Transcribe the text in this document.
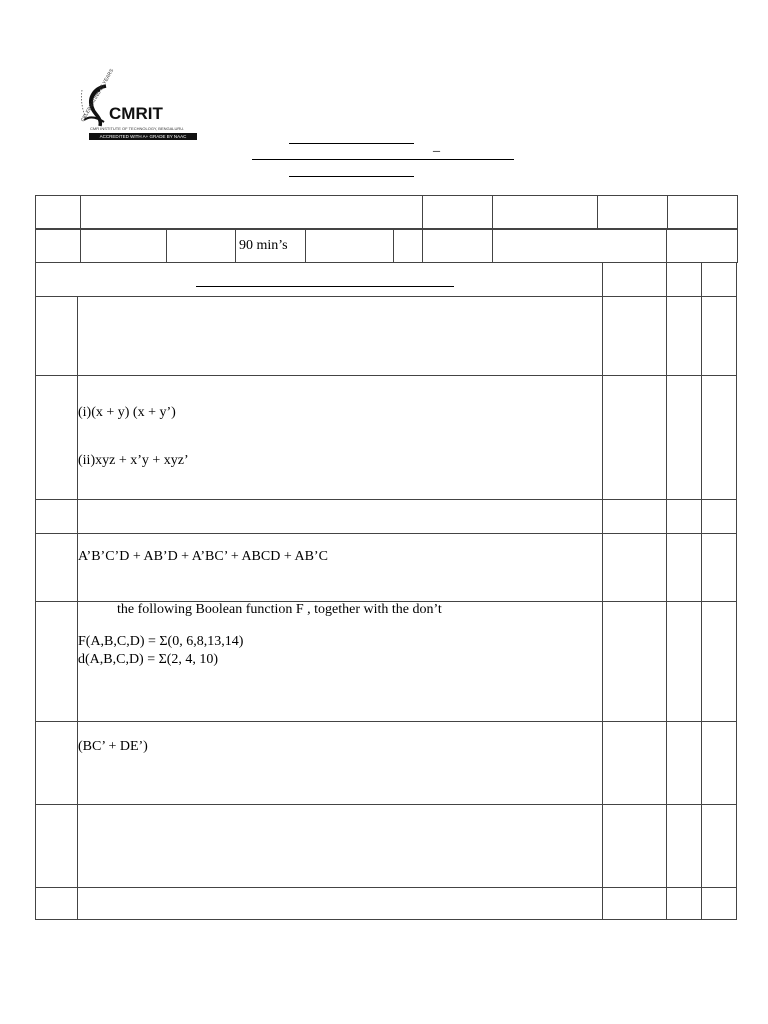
CELEBRATING 25 YEARS
CMRIT
CMR INSTITUTE OF TECHNOLOGY, BENGALURU.
ACCREDITED WITH A+ GRADE BY NAAC
_

			90 min’s					

	(i)(x + y) (x + y’)
(ii)xyz + x’y + xyz’			

	A’B’C’D + AB’D + A’BC’ + ABCD + AB’C			

	the following Boolean function F , together with the don’t
F(A,B,C,D) = Σ(0, 6,8,13,14)
d(A,B,C,D) = Σ(2, 4, 10)			

	(BC’ + DE’)			
